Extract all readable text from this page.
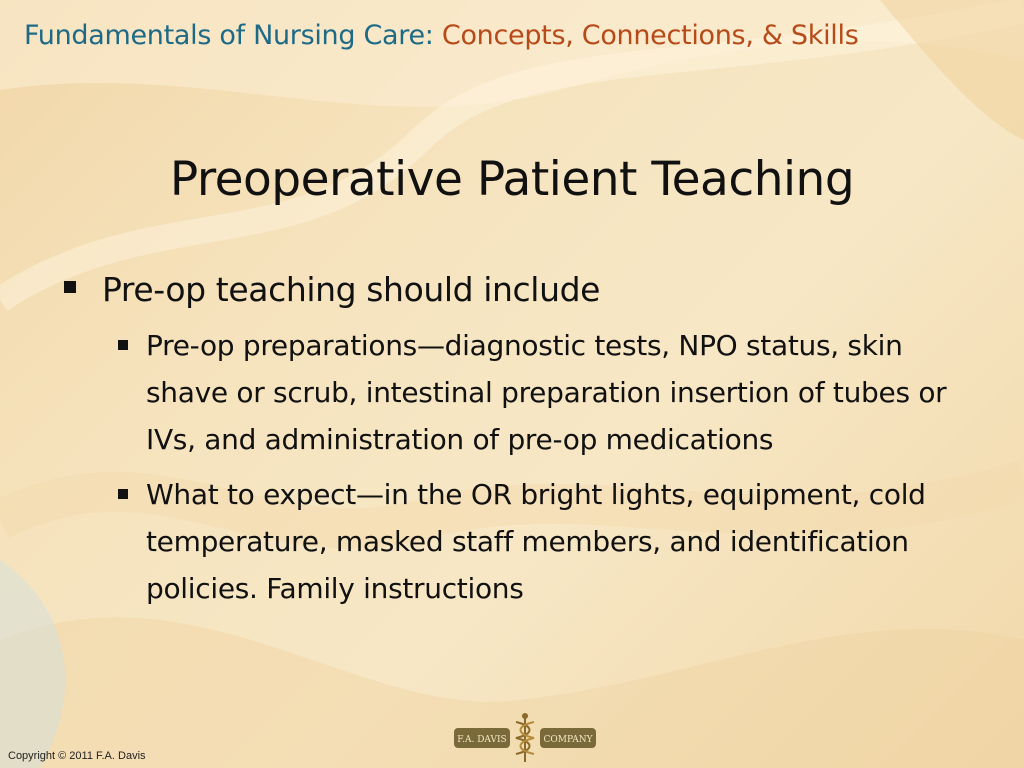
Fundamentals of Nursing Care: Concepts, Connections, & Skills
Preoperative Patient Teaching
Pre-op teaching should include
Pre-op preparations—diagnostic tests, NPO status, skin shave or scrub, intestinal preparation insertion of tubes or IVs, and administration of pre-op medications
What to expect—in the OR bright lights, equipment, cold temperature, masked staff members, and identification policies. Family instructions
F.A. DAVIS	COMPANY
Copyright © 2011 F.A. Davis
